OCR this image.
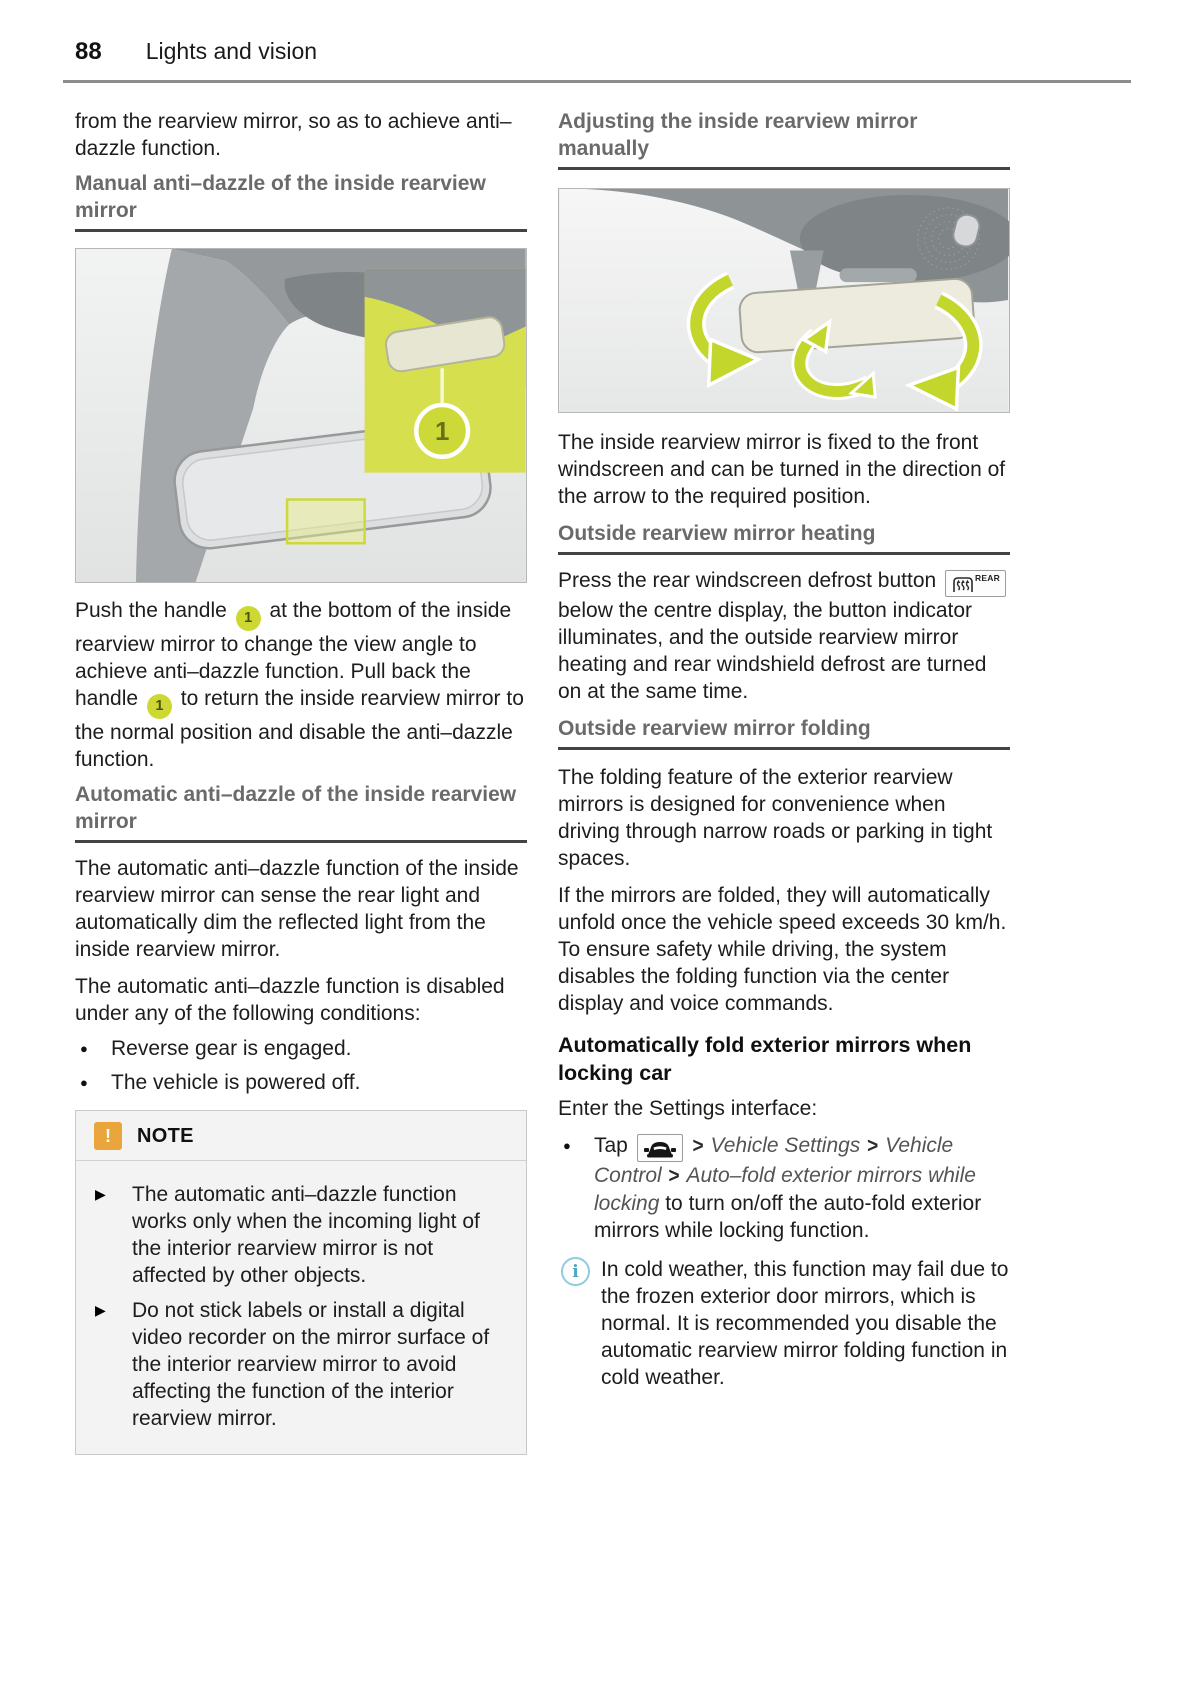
88 Lights and vision

from the rearview mirror, so as to achieve anti–dazzle function.

Manual anti–dazzle of the inside rearview mirror
1

Push the handle 1 at the bottom of the inside rearview mirror to change the view angle to achieve anti–dazzle function. Pull back the handle 1 to return the inside rearview mirror to the normal position and disable the anti–dazzle function.

Automatic anti–dazzle of the inside rearview mirror

The automatic anti–dazzle function of the inside rearview mirror can sense the rear light and automatically dim the reflected light from the inside rearview mirror.

The automatic anti–dazzle function is disabled under any of the following conditions:

●	Reverse gear is engaged.
●	The vehicle is powered off.
!	NOTE
▶	The automatic anti–dazzle function works only when the incoming light of the interior rearview mirror is not affected by other objects.

▶	Do not stick labels or install a digital video recorder on the mirror surface of the interior rearview mirror to avoid affecting the function of the interior rearview mirror.

Adjusting the inside rearview mirror manually

The inside rearview mirror is fixed to the front windscreen and can be turned in the direction of the arrow to the required position.

Outside rearview mirror heating

Press the rear windscreen defrost button	REAR
below the centre display, the button indicator illuminates, and the outside rearview mirror heating and rear windshield defrost are turned on at the same time.

Outside rearview mirror folding

The folding feature of the exterior rearview mirrors is designed for convenience when driving through narrow roads or parking in tight spaces.

If the mirrors are folded, they will automatically unfold once the vehicle speed exceeds 30 km/h. To ensure safety while driving, the system disables the folding function via the center display and voice commands.

Automatically fold exterior mirrors when locking car

Enter the Settings interface:

●	Tap	> Vehicle Settings > Vehicle Control > Auto–fold exterior mirrors while locking to turn on/off the auto-fold exterior mirrors while locking function.
i	In cold weather, this function may fail due to the frozen exterior door mirrors, which is normal. It is recommended you disable the automatic rearview mirror folding function in cold weather.
